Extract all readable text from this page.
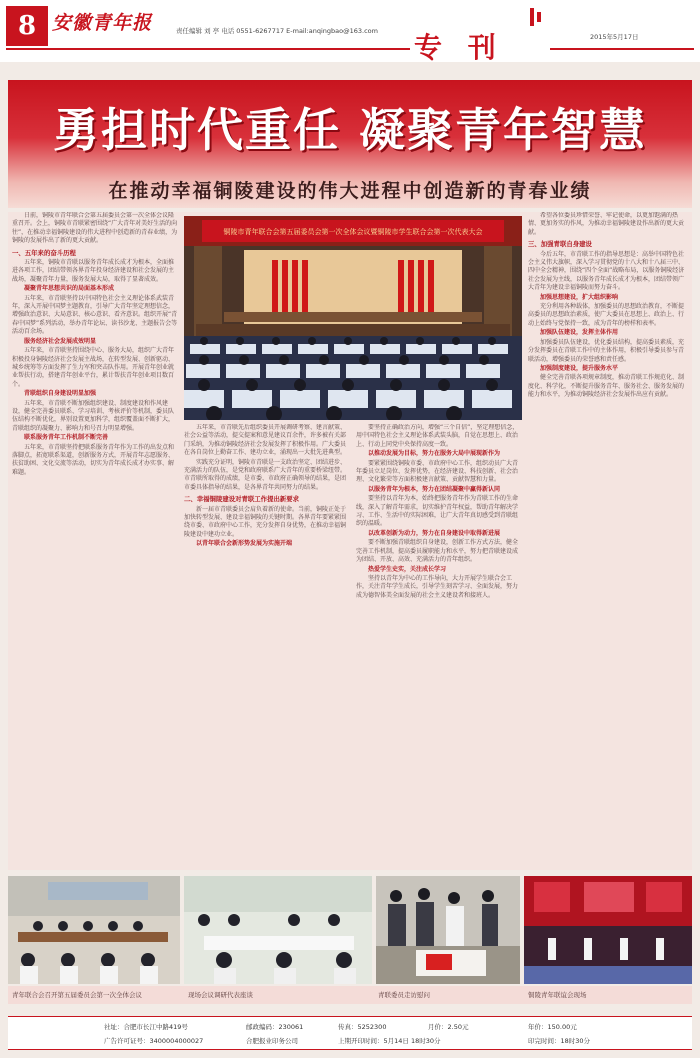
8 安徽青年报	责任编辑 刘 亭 电话 0551-6267717 E-mail:anqingbao@163.com 专 刊	2015年5月17日
勇担时代重任 凝聚青年智慧
在推动幸福铜陵建设的伟大进程中创造新的青春业绩

日前，铜陵市青年联合会第五届委员会第一次全体会议隆重召开。会上，铜陵市青联紧密围绕“广大青年对美好生活的向往”，在推动幸福铜陵建设的伟大进程中创造新的青春业绩，为铜陵的发展作出了新的更大贡献。

一、五年来的奋斗历程

五年来，铜陵市青联以服务青年成长成才为根本，全面推进各项工作，团结带领各界青年投身经济建设和社会发展的主战场，凝聚青年力量，服务发展大局，取得了显著成效。

凝聚青年思想共识的局面基本形成

五年来，市青联坚持以中国特色社会主义理论体系武装青年，深入开展中国梦主题教育，引导广大青年坚定理想信念，增强政治意识、大局意识、核心意识、看齐意识。组织开展“青春中国梦”系列活动，举办青年论坛、读书沙龙、主题报告会等活动百余场。

服务经济社会发展成效明显

五年来，市青联坚持围绕中心、服务大局，组织广大青年积极投身铜陵经济社会发展主战场，在转型发展、创新驱动、城乡统筹等方面发挥了生力军和突击队作用。开展青年创业就业帮扶行动，搭建青年创业平台，累计帮扶青年创业项目数百个。

青联组织自身建设明显加强

五年来，市青联不断加强组织建设、制度建设和作风建设，健全完善委员联系、学习培训、考核评价等机制，委员队伍结构不断优化，界别设置更加科学，组织覆盖面不断扩大，青联组织的凝聚力、影响力和号召力明显增强。

联系服务青年工作机制不断完善

五年来，市青联坚持把联系服务青年作为工作的出发点和落脚点，拓宽联系渠道，创新服务方式，开展青年志愿服务、扶贫助困、文化交流等活动，切实为青年成长成才办实事、解难题。

铜陵市青年联合会第五届委员会第一次全体会议暨铜陵市学生联合会第一次代表大会

五年来，市青联先后组织委员开展调研考察、建言献策、社会公益等活动，提交提案和意见建议百余件，许多被有关部门采纳，为推动铜陵经济社会发展发挥了积极作用。广大委员在各自岗位上勤奋工作、建功立业，涌现出一大批先进典型。

实践充分证明，铜陵市青联是一支政治坚定、团结进步、充满活力的队伍，是党和政府联系广大青年的重要桥梁纽带。市青联所取得的成绩，是市委、市政府正确领导的结果，是团市委具体指导的结果，是各界青年共同努力的结果。

二、幸福铜陵建设对青联工作提出新要求

新一届市青联委员会肩负着新的使命。当前，铜陵正处于加快转型发展、建设幸福铜陵的关键时期。各界青年要紧紧围绕市委、市政府中心工作，充分发挥自身优势，在推动幸福铜陵建设中建功立业。

以青年联合会新形势发展为实施开端

要坚持正确政治方向，增强“三个自信”，坚定理想信念，用中国特色社会主义理论体系武装头脑，自觉在思想上、政治上、行动上同党中央保持高度一致。

以推动发展为目标，努力在服务大局中展现新作为

要紧紧围绕铜陵市委、市政府中心工作，组织动员广大青年委员立足岗位、发挥优势，在经济建设、科技创新、社会治理、文化繁荣等方面积极建言献策、贡献智慧和力量。

以服务青年为根本，努力在团结凝聚中赢得新认同

要坚持以青年为本，始终把服务青年作为青联工作的生命线，深入了解青年需求，切实维护青年权益，帮助青年解决学习、工作、生活中的实际困难，让广大青年真切感受到青联组织的温暖。

以改革创新为动力，努力在自身建设中取得新进展

要不断加强青联组织自身建设，创新工作方式方法，健全完善工作机制，提高委员履职能力和水平，努力把青联建设成为团结、开放、高效、充满活力的青年组织。

热爱学生史实，关注成长学习

坚持以青年为中心的工作导向，大力开展学生联合会工作，关注青年学生成长，引导学生刻苦学习、全面发展，努力成为德智体美全面发展的社会主义建设者和接班人。

希望各位委员珍惜荣誉、牢记使命，以更加饱满的热情、更加务实的作风，为推动幸福铜陵建设作出新的更大贡献。

三、加强青联自身建设

今后五年，市青联工作的指导思想是：高举中国特色社会主义伟大旗帜，深入学习贯彻党的十八大和十八届三中、四中全会精神，围绕“四个全面”战略布局，以服务铜陵经济社会发展为主线，以服务青年成长成才为根本，团结带领广大青年为建设幸福铜陵而努力奋斗。

加强思想建设，扩大组织影响

充分利用各种载体，加强委员的思想政治教育，不断提高委员的思想政治素质，使广大委员在思想上、政治上、行动上始终与党保持一致，成为青年的榜样和表率。

加强队伍建设，发挥主体作用

加强委员队伍建设，优化委员结构，提高委员素质，充分发挥委员在青联工作中的主体作用，积极引导委员参与青联活动，增强委员的荣誉感和责任感。

加强制度建设，提升服务水平

健全完善青联各项规章制度，推动青联工作规范化、制度化、科学化，不断提升服务青年、服务社会、服务发展的能力和水平，为推动铜陵经济社会发展作出应有贡献。

青年联合会召开第五届委员会第一次全体会议	现场会议调研代表座谈	青联委员走访慰问	铜陵青年联谊会现场
社址：合肥市长江中路419号	邮政编码：230061	传真：5252300	月价：2.50元	年价：150.00元
广告许可证号：3400004000027	合肥报业印务公司	上期开印时间：5月14日 18时30分	印完时间：18时30分
